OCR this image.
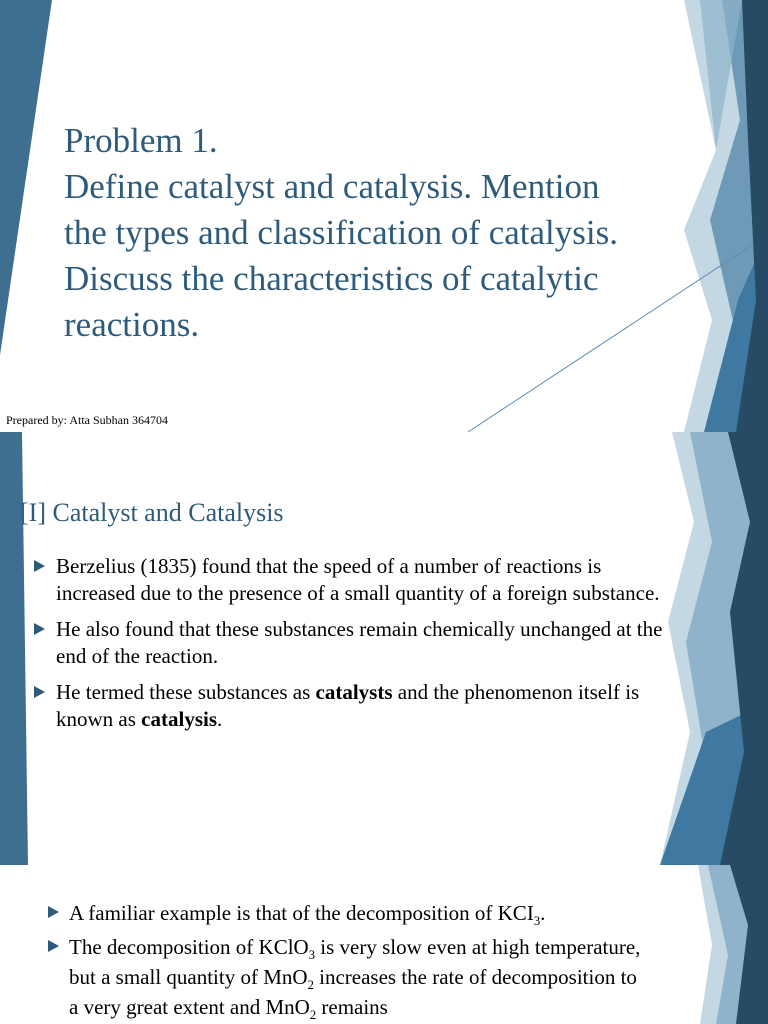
Problem 1.
Define catalyst and catalysis. Mention
the types and classification of catalysis.
Discuss the characteristics of catalytic
reactions.
Prepared by: Atta Subhan 364704
[I] Catalyst and Catalysis
Berzelius (1835) found that the speed of a number of reactions is increased due to the presence of a small quantity of a foreign substance.
He also found that these substances remain chemically unchanged at the end of the reaction.
He termed these substances as catalysts and the phenomenon itself is known as catalysis.
A familiar example is that of the decomposition of $KCI_3$.
The decomposition of KClO$_3$ is very slow even at high temperature, but a small quantity of MnO$_2$ increases the rate of decomposition to a very great extent and MnO$_2$ remains
